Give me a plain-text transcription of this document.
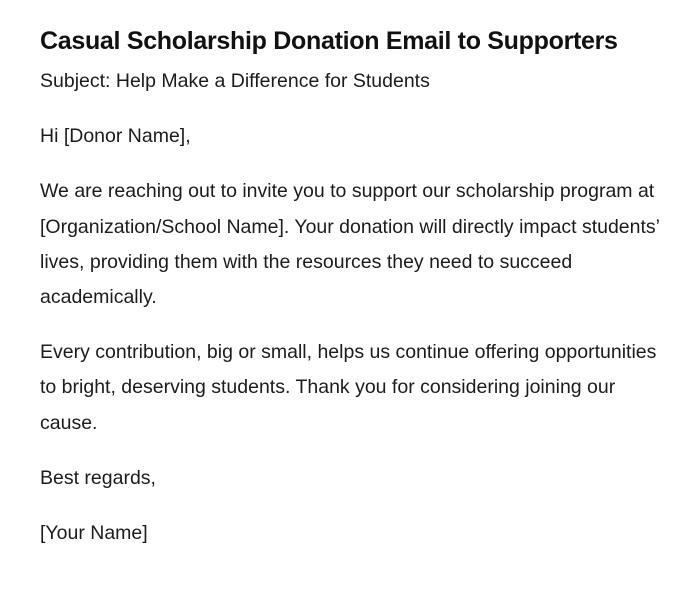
Casual Scholarship Donation Email to Supporters

Subject: Help Make a Difference for Students

Hi [Donor Name],

We are reaching out to invite you to support our scholarship program at [Organization/School Name]. Your donation will directly impact students’ lives, providing them with the resources they need to succeed academically.

Every contribution, big or small, helps us continue offering opportunities to bright, deserving students. Thank you for considering joining our cause.

Best regards,

[Your Name]
